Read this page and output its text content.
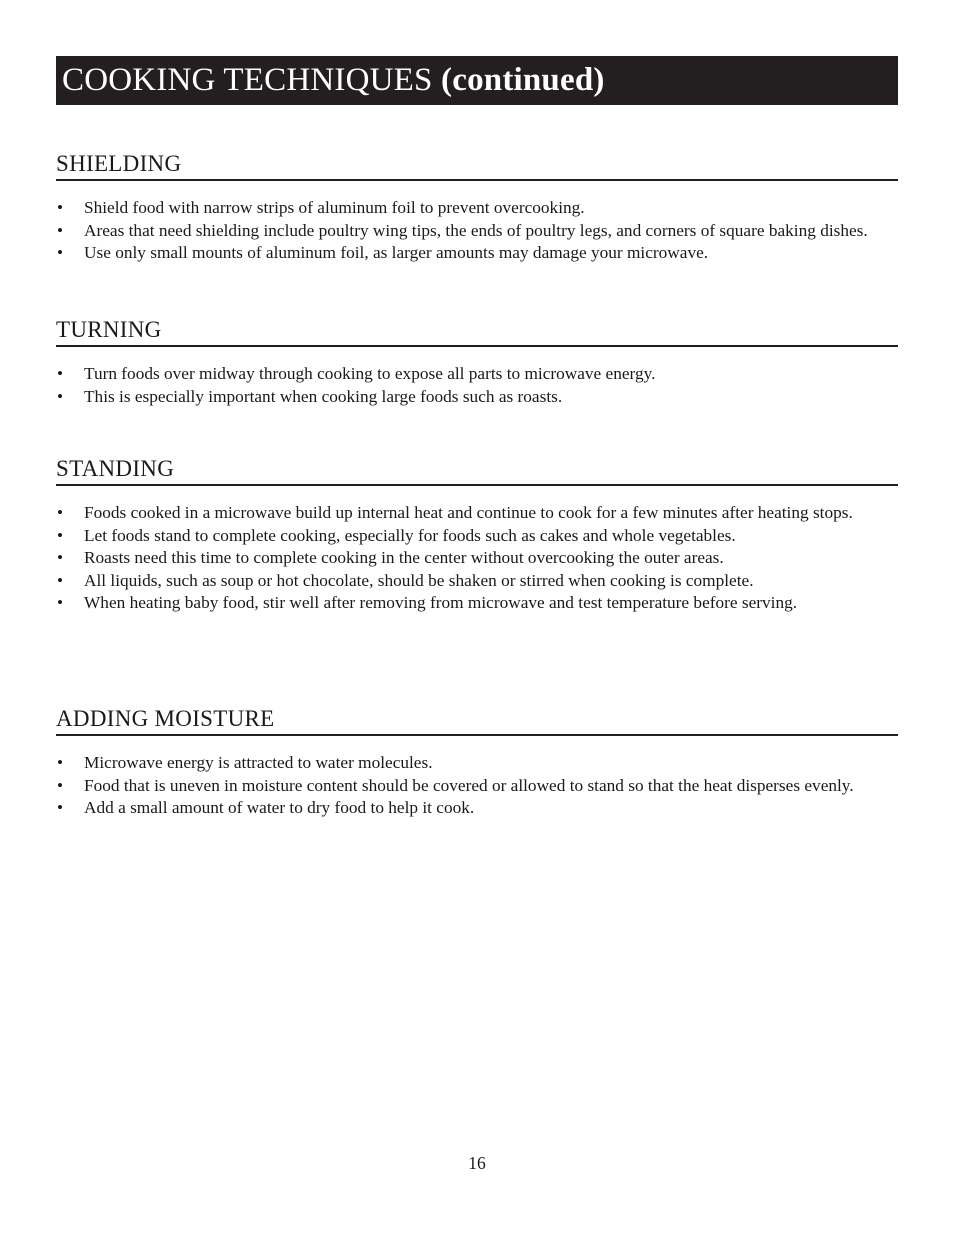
COOKING TECHNIQUES (continued)
SHIELDING
• Shield food with narrow strips of aluminum foil to prevent overcooking.
• Areas that need shielding include poultry wing tips, the ends of poultry legs, and corners of square baking dishes.
• Use only small mounts of aluminum foil, as larger amounts may damage your microwave.
TURNING
• Turn foods over midway through cooking to expose all parts to microwave energy.
• This is especially important when cooking large foods such as roasts.
STANDING
• Foods cooked in a microwave build up internal heat and continue to cook for a few minutes after heating stops.
• Let foods stand to complete cooking, especially for foods such as cakes and whole vegetables.
• Roasts need this time to complete cooking in the center without overcooking the outer areas.
• All liquids, such as soup or hot chocolate, should be shaken or stirred when cooking is complete.
• When heating baby food, stir well after removing from microwave and test temperature before serving.
ADDING MOISTURE
• Microwave energy is attracted to water molecules.
• Food that is uneven in moisture content should be covered or allowed to stand so that the heat disperses evenly.
• Add a small amount of water to dry food to help it cook.
16
